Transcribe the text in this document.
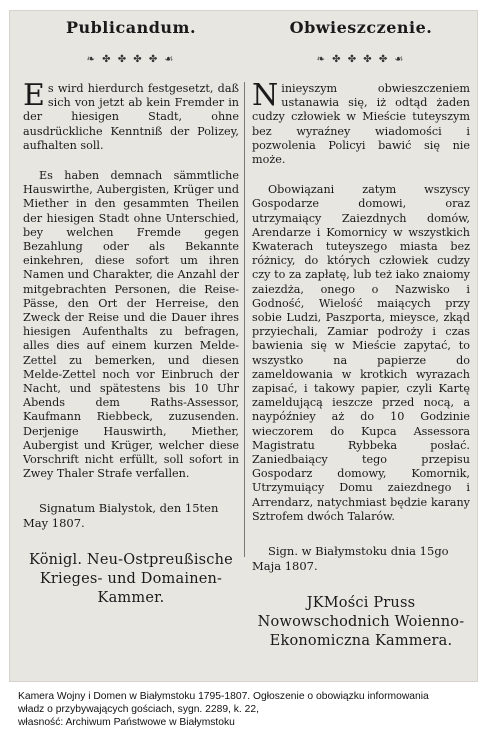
Publicandum.
❧ ✤ ✤ ✤ ✤ ☙

Es wird hierdurch festgesetzt, daß sich von jetzt ab kein Fremder in der hiesigen Stadt, ohne ausdrückliche Kenntniß der Polizey, aufhalten soll.

Es haben demnach sämmtliche Hauswirthe, Aubergisten, Krüger und Miether in den gesammten Theilen der hiesigen Stadt ohne Unterschied, bey welchen Fremde gegen Bezahlung oder als Bekannte einkehren, diese sofort um ihren Namen und Charakter, die Anzahl der mitgebrachten Personen, die Reise-Pässe, den Ort der Herreise, den Zweck der Reise und die Dauer ihres hiesigen Aufenthalts zu befragen, alles dies auf einem kurzen Melde-Zettel zu bemerken, und diesen Melde-Zettel noch vor Einbruch der Nacht, und spätestens bis 10 Uhr Abends dem Raths-Assessor, Kaufmann Riebbeck, zuzusenden. Derjenige Hauswirth, Miether, Aubergist und Krüger, welcher diese Vorschrift nicht erfüllt, soll sofort in Zwey Thaler Strafe verfallen.

Signatum Bialystok, den 15ten May 1807.

Königl. Neu-Ostpreußische Krieges- und Domainen-Kammer.

Obwieszczenie.
❧ ✤ ✤ ✤ ✤ ☙

Ninieyszym obwieszczeniem ustanawia się, iż odtąd żaden cudzy człowiek w Mieście tuteyszym bez wyraźney wiadomości i pozwolenia Policyi bawić się nie może.

Obowiązani zatym wszyscy Gospodarze domowi, oraz utrzymaiący Zaiezdnych domów, Arendarze i Komornicy w wszystkich Kwaterach tuteyszego miasta bez różnicy, do których człowiek cudzy czy to za zapłatę, lub też iako znaiomy zaiezdża, onego o Nazwisko i Godność, Wielość maiących przy sobie Ludzi, Paszporta, mieysce, zkąd przyiechali, Zamiar podroży i czas bawienia się w Mieście zapytać, to wszystko na papierze do zameldowania w krotkich wyrazach zapisać, i takowy papier, czyli Kartę zameldującą ieszcze przed nocą, a naypóźniey aż do 10 Godzinie wieczorem do Kupca Assessora Magistratu Rybbeka posłać. Zaniedbaiący tego przepisu Gospodarz domowy, Komornik, Utrzymuiący Domu zaiezdnego i Arrendarz, natychmiast będzie karany Sztrofem dwóch Talarów.

Sign. w Białymstoku dnia 15go Maja 1807.

JKMości Pruss Nowowschodnich Woienno-Ekonomiczna Kammera.

Kamera Wojny i Domen w Białymstoku 1795-1807. Ogłoszenie o obowiązku informowania
władz o przybywających gościach, sygn. 2289, k. 22,
własność: Archiwum Państwowe w Białymstoku
